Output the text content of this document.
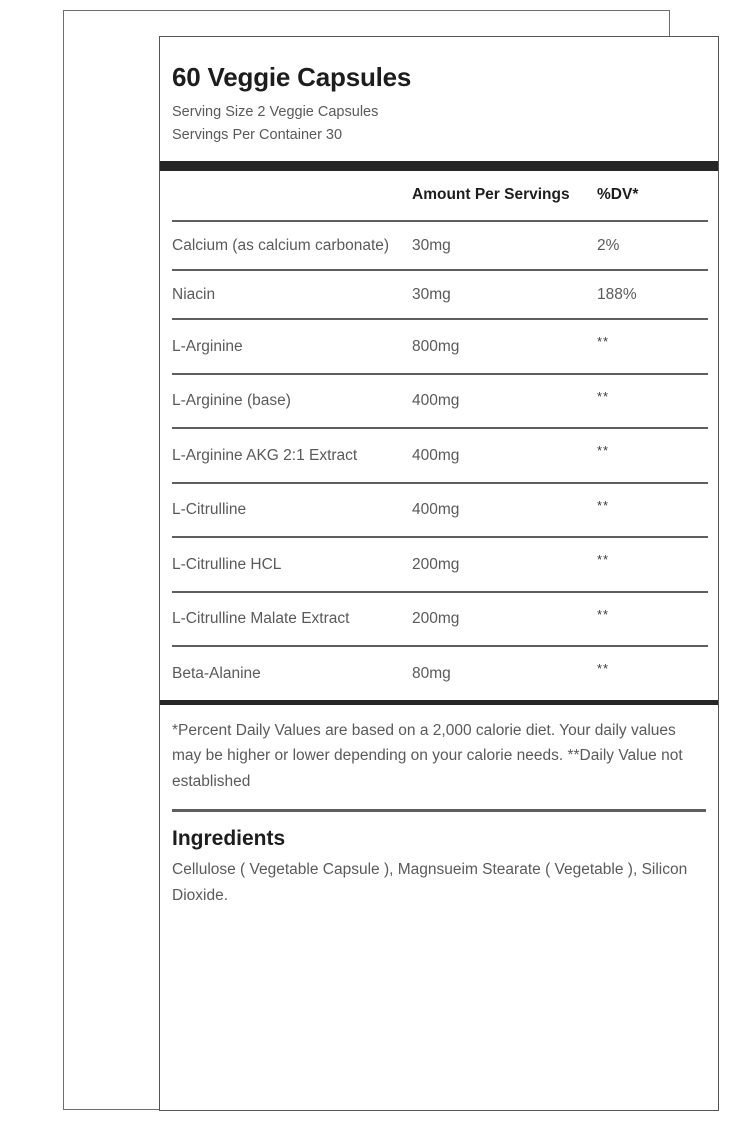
60 Veggie Capsules
Serving Size 2 Veggie Capsules
Servings Per Container 30
	Amount Per Servings	%DV*
Calcium (as calcium carbonate)	30mg	2%
Niacin	30mg	188%
L-Arginine	800mg	**
L-Arginine (base)	400mg	**
L-Arginine AKG 2:1 Extract	400mg	**
L-Citrulline	400mg	**
L-Citrulline HCL	200mg	**
L-Citrulline Malate Extract	200mg	**
Beta-Alanine	80mg	**
*Percent Daily Values are based on a 2,000 calorie diet. Your daily values may be higher or lower depending on your calorie needs. **Daily Value not established
Ingredients
Cellulose ( Vegetable Capsule ), Magnsueim Stearate ( Vegetable ), Silicon Dioxide.
